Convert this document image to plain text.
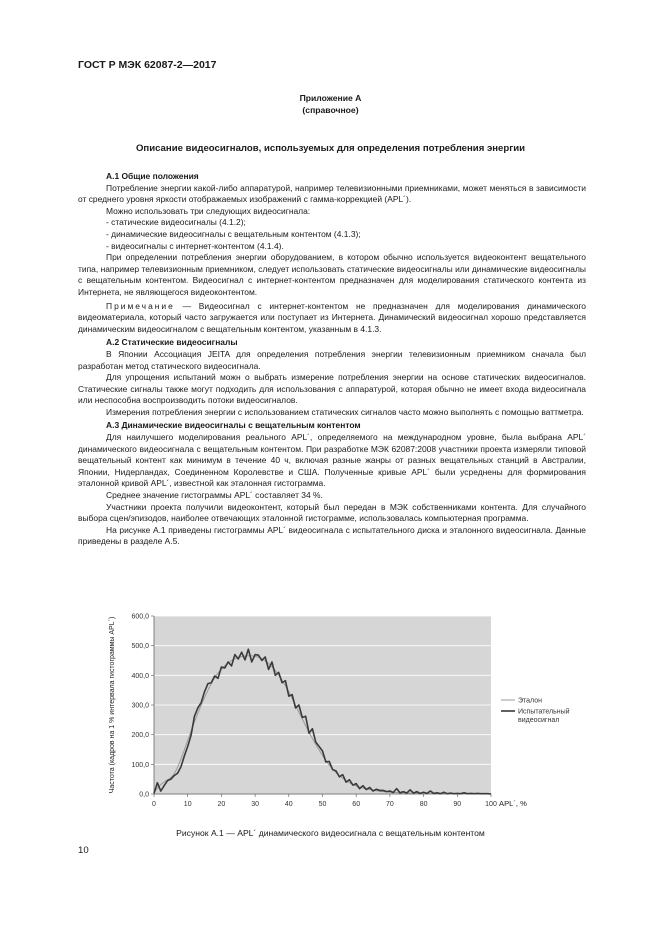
ГОСТ Р МЭК 62087-2—2017
Приложение А
(справочное)
Описание видеосигналов, используемых для определения потребления энергии

А.1 Общие положения

Потребление энергии какой-либо аппаратурой, например телевизионными приемниками, может меняться в зависимости от среднего уровня яркости отображаемых изображений с гамма-коррекцией (APL´).

Можно использовать три следующих видеосигнала:

- статические видеосигналы (4.1.2);

- динамические видеосигналы с вещательным контентом (4.1.3);

- видеосигналы с интернет-контентом (4.1.4).

При определении потребления энергии оборудованием, в котором обычно используется видеоконтент вещательного типа, например телевизионным приемником, следует использовать статические видеосигналы или динамические видеосигналы с вещательным контентом. Видеосигнал с интернет-контентом предназначен для моделирования статического контента из Интернета, не являющегося видеоконтентом.

Примечание — Видеосигнал с интернет-контентом не предназначен для моделирования динамического видеоматериала, который часто загружается или поступает из Интернета. Динамический видеосигнал хорошо представляется динамическим видеосигналом с вещательным контентом, указанным в 4.1.3.

А.2 Статические видеосигналы

В Японии Ассоциация JEITA для определения потребления энергии телевизионным приемником сначала был разработан метод статического видеосигнала.

Для упрощения испытаний можн о выбрать измерение потребления энергии на основе статических видеосигналов. Статические сигналы также могут подходить для использования с аппаратурой, которая обычно не имеет входа видеосигнала или неспособна воспроизводить потоки видеосигналов.

Измерения потребления энергии с использованием статических сигналов часто можно выполнять с помощью ваттметра.

А.3 Динамические видеосигналы с вещательным контентом

Для наилучшего моделирования реального APL´, определяемого на международном уровне, была выбрана APL´ динамического видеосигнала с вещательным контентом. При разработке МЭК 62087:2008 участники проекта измеряли типовой вещательный контент как минимум в течение 40 ч, включая разные жанры от разных вещательных станций в Австралии, Японии, Нидерландах, Соединенном Королевстве и США. Полученные кривые APL´ были усреднены для формирования эталонной кривой APL´, известной как эталонная гистограмма.

Среднее значение гистограммы APL´ составляет 34 %.

Участники проекта получили видеоконтент, который был передан в МЭК собственниками контента. Для случайного выбора сцен/эпизодов, наиболее отвечающих эталонной гистограмме, использовалась компьютерная программа.

На рисунке А.1 приведены гистограммы APL´ видеосигнала с испытательного диска и эталонного видеосигнала. Данные приведены в разделе А.5.

0,0
100,0
200,0
300,0
400,0
500,0
600,0
0	10	20	30	40	50	60	70	80	90	100
Частота (кадров на 1 % интервала гистограммы APL´)
APL´, %
Эталон
Испытательный
видеосигнал
Рисунок А.1 — APL´ динамического видеосигнала с вещательным контентом
10
